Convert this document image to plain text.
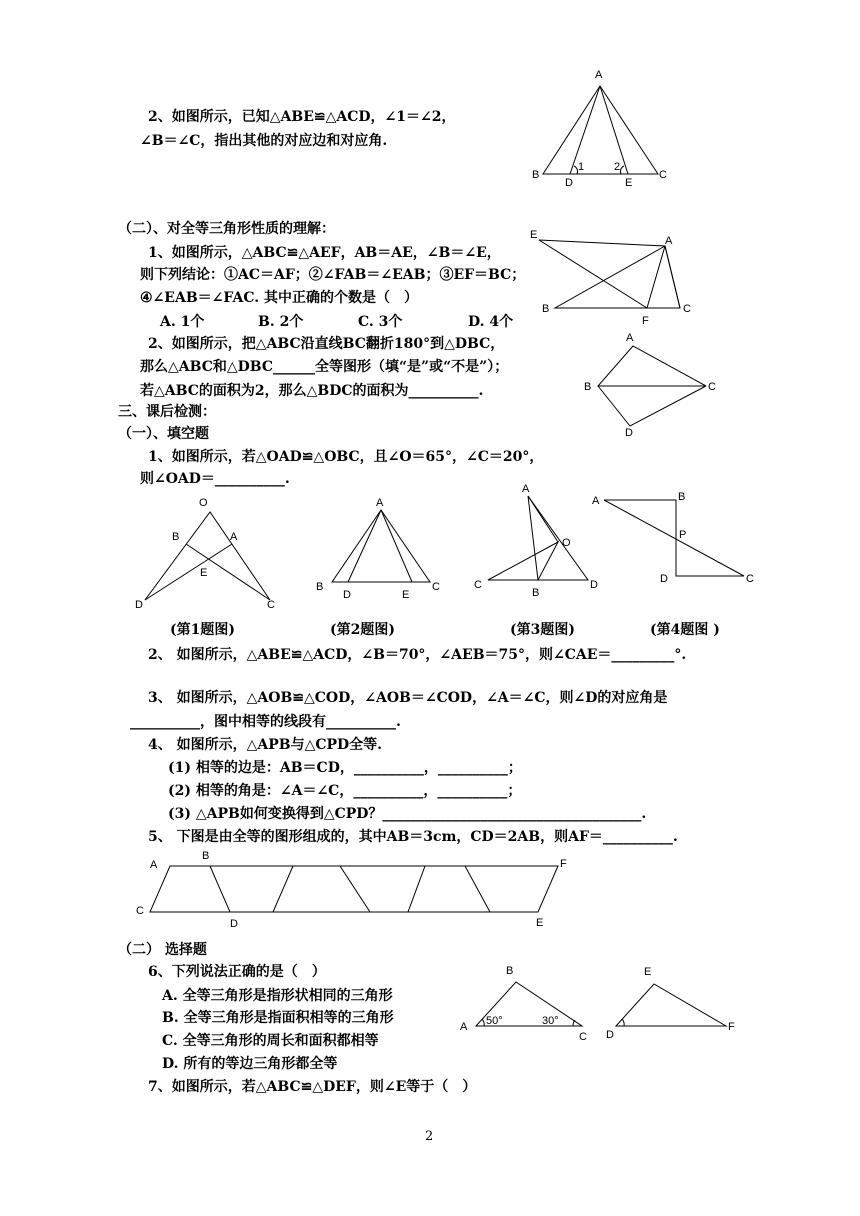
2、如图所示，已知△ABE≌△ACD，∠1＝∠2，
∠B＝∠C，指出其他的对应边和对应角.
A
B
D
1	2
E
C
（二）、对全等三角形性质的理解：
1、如图所示，△ABC≌△AEF，AB＝AE，∠B＝∠E，
则下列结论：①AC＝AF；②∠FAB＝∠EAB；③EF＝BC；
④∠EAB＝∠FAC. 其中正确的个数是（　）
A. 1个	B. 2个	C. 3个	D. 4个
2、如图所示，把△ABC沿直线BC翻折180°到△DBC，
那么△ABC和△DBC______全等图形（填“是”或“不是”）；
若△ABC的面积为2，那么△BDC的面积为__________.
E	A
B
F
C
A
B	C
D
三、课后检测：
（一）、填空题
1、如图所示，若△OAD≌△OBC，且∠O＝65°，∠C＝20°，
则∠OAD＝__________.
O
B	A
E
D	C
A
B
D	E
C
A
O
C
B
D
A	B
P
D	C
(第1题图)	(第2题图)	(第3题图)	(第4题图 )
2、 如图所示，△ABE≌△ACD，∠B＝70°，∠AEB＝75°，则∠CAE＝_________°.
3、 如图所示，△AOB≌△COD，∠AOB＝∠COD，∠A＝∠C，则∠D的对应角是
__________，图中相等的线段有__________.
4、 如图所示，△APB与△CPD全等.
(1) 相等的边是：AB＝CD，__________，__________；
(2) 相等的角是：∠A＝∠C，__________，__________；
(3) △APB如何变换得到△CPD？_____________________________________.
5、 下图是由全等的图形组成的，其中AB＝3cm，CD＝2AB，则AF＝__________.
A
B
F
C
D	E
（二） 选择题
6、下列说法正确的是（　）
A. 全等三角形是指形状相同的三角形
B. 全等三角形是指面积相等的三角形
C. 全等三角形的周长和面积都相等
D. 所有的等边三角形都全等
7、如图所示，若△ABC≌△DEF，则∠E等于（　）
B
A 50°	30°
C
E
D
F
2
